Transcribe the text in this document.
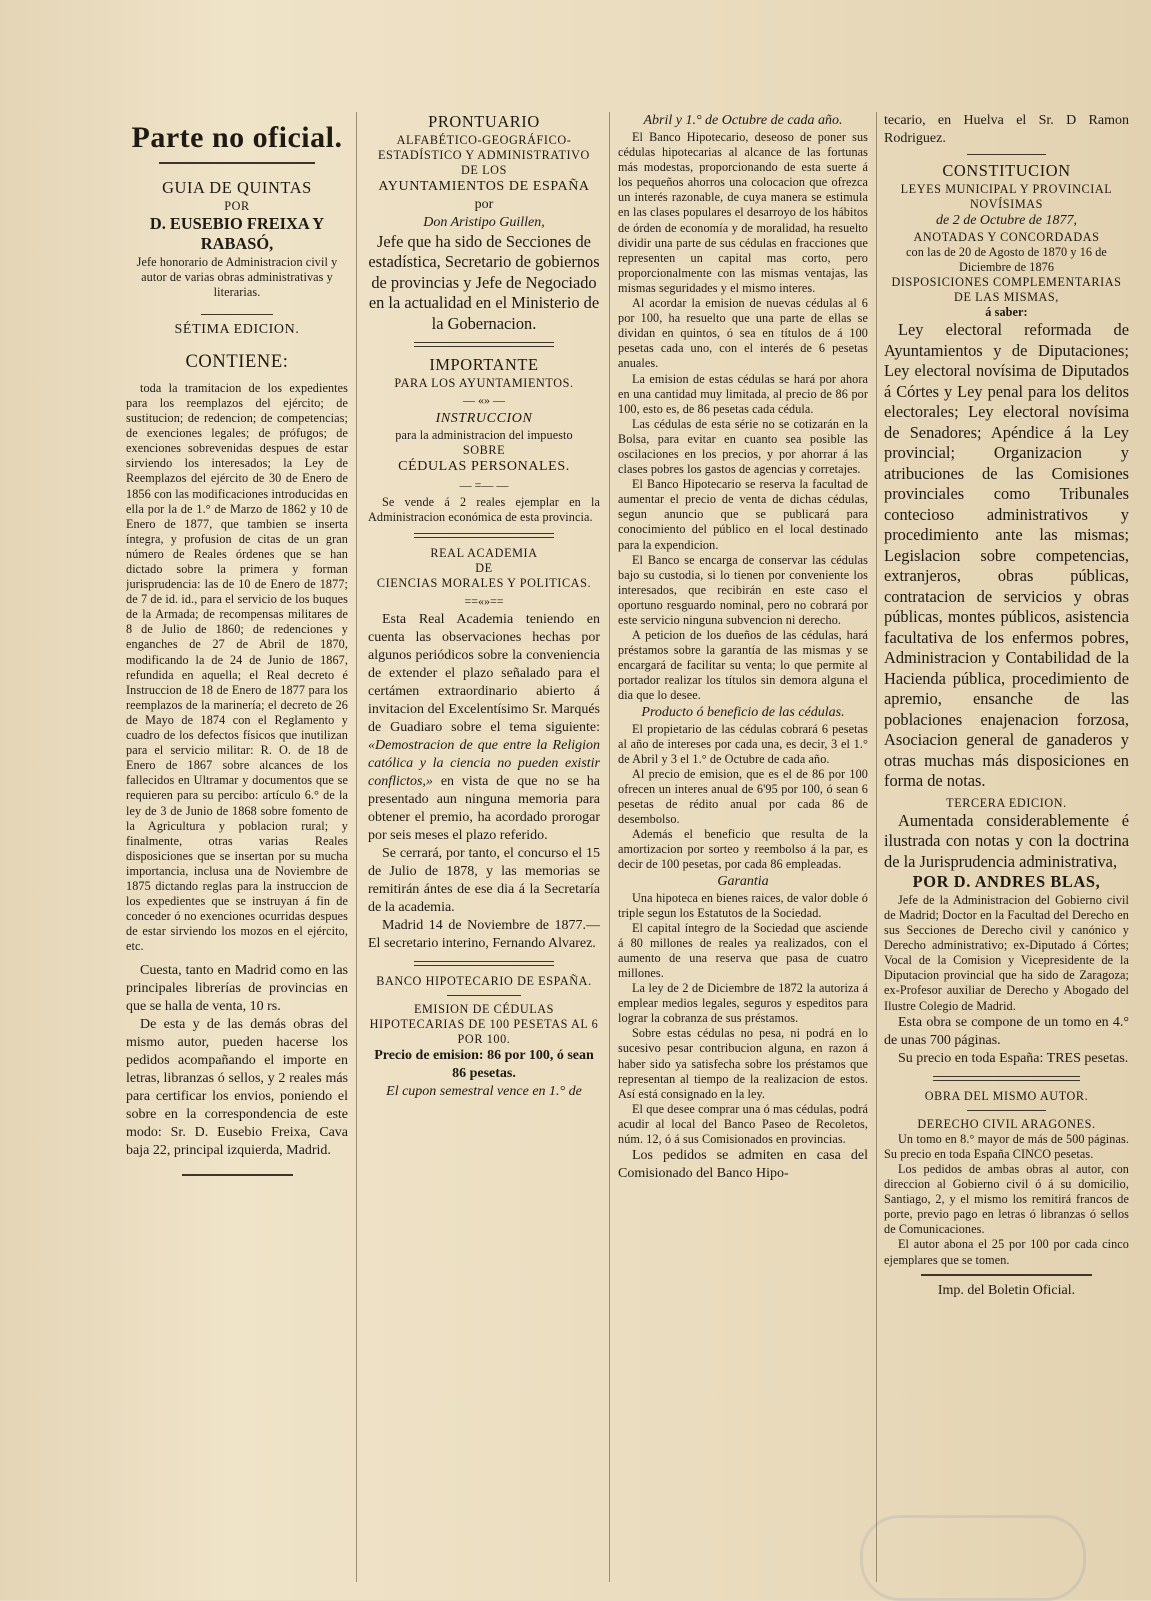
Parte no oficial.

GUIA DE QUINTAS

POR

D. EUSEBIO FREIXA Y RABASÓ,

Jefe honorario de Administracion civil y autor de varias obras administrativas y literarias.

SÉTIMA EDICION.

CONTIENE:

toda la tramitacion de los expedientes para los reemplazos del ejército; de sustitucion; de redencion; de competencias; de exenciones legales; de prófugos; de exenciones sobrevenidas despues de estar sirviendo los interesados; la Ley de Reemplazos del ejército de 30 de Enero de 1856 con las modificaciones introducidas en ella por la de 1.° de Marzo de 1862 y 10 de Enero de 1877, que tambien se inserta íntegra, y profusion de citas de un gran número de Reales órdenes que se han dictado sobre la primera y forman jurisprudencia: las de 10 de Enero de 1877; de 7 de id. id., para el servicio de los buques de la Armada; de recompensas militares de 8 de Julio de 1860; de redenciones y enganches de 27 de Abril de 1870, modificando la de 24 de Junio de 1867, refundida en aquella; el Real decreto é Instruccion de 18 de Enero de 1877 para los reemplazos de la marinería; el decreto de 26 de Mayo de 1874 con el Reglamento y cuadro de los defectos físicos que inutilizan para el servicio militar: R. O. de 18 de Enero de 1867 sobre alcances de los fallecidos en Ultramar y documentos que se requieren para su percibo: artículo 6.° de la ley de 3 de Junio de 1868 sobre fomento de la Agricultura y poblacion rural; y finalmente, otras varias Reales disposiciones que se insertan por su mucha importancia, inclusa una de Noviembre de 1875 dictando reglas para la instruccion de los expedientes que se instruyan á fin de conceder ó no exenciones ocurridas despues de estar sirviendo los mozos en el ejército, etc.

Cuesta, tanto en Madrid como en las principales librerías de provincias en que se halla de venta, 10 rs.

De esta y de las demás obras del mismo autor, pueden hacerse los pedidos acompañando el importe en letras, libranzas ó sellos, y 2 reales más para certificar los envios, poniendo el sobre en la correspondencia de este modo: Sr. D. Eusebio Freixa, Cava baja 22, principal izquierda, Madrid.

PRONTUARIO

ALFABÉTICO-GEOGRÁFICO-ESTADÍSTICO Y ADMINISTRATIVO

DE LOS

AYUNTAMIENTOS DE ESPAÑA

por

Don Aristipo Guillen,

Jefe que ha sido de Secciones de estadística, Secretario de gobiernos de provincias y Jefe de Negociado en la actualidad en el Ministerio de la Gobernacion.

IMPORTANTE

PARA LOS AYUNTAMIENTOS.

— «» —

INSTRUCCION

para la administracion del impuesto

SOBRE

CÉDULAS PERSONALES.

— =— —

Se vende á 2 reales ejemplar en la Administracion económica de esta provincia.

REAL ACADEMIA

DE

CIENCIAS MORALES Y POLITICAS.

==«»==

Esta Real Academia teniendo en cuenta las observaciones hechas por algunos periódicos sobre la conveniencia de extender el plazo señalado para el certámen extraordinario abierto á invitacion del Excelentísimo Sr. Marqués de Guadiaro sobre el tema siguiente: «Demostracion de que entre la Religion católica y la ciencia no pueden existir conflictos,» en vista de que no se ha presentado aun ninguna memoria para obtener el premio, ha acordado prorogar por seis meses el plazo referido.

Se cerrará, por tanto, el concurso el 15 de Julio de 1878, y las memorias se remitirán ántes de ese dia á la Secretaría de la academia.

Madrid 14 de Noviembre de 1877.—El secretario interino, Fernando Alvarez.

BANCO HIPOTECARIO DE ESPAÑA.

EMISION DE CÉDULAS HIPOTECARIAS DE 100 PESETAS AL 6 POR 100.

Precio de emision: 86 por 100, ó sean 86 pesetas.

El cupon semestral vence en 1.° de

Abril y 1.° de Octubre de cada año.

El Banco Hipotecario, deseoso de poner sus cédulas hipotecarias al alcance de las fortunas más modestas, proporcionando de esta suerte á los pequeños ahorros una colocacion que ofrezca un interés razonable, de cuya manera se estimula en las clases populares el desarroyo de los hábitos de órden de economía y de moralidad, ha resuelto dividir una parte de sus cédulas en fracciones que representen un capital mas corto, pero proporcionalmente con las mismas ventajas, las mismas seguridades y el mismo interes.

Al acordar la emision de nuevas cédulas al 6 por 100, ha resuelto que una parte de ellas se dividan en quintos, ó sea en títulos de á 100 pesetas cada uno, con el interés de 6 pesetas anuales.

La emision de estas cédulas se hará por ahora en una cantidad muy limitada, al precio de 86 por 100, esto es, de 86 pesetas cada cédula.

Las cédulas de esta série no se cotizarán en la Bolsa, para evitar en cuanto sea posible las oscilaciones en los precios, y por ahorrar á las clases pobres los gastos de agencias y corretajes.

El Banco Hipotecario se reserva la facultad de aumentar el precio de venta de dichas cédulas, segun anuncio que se publicará para conocimiento del público en el local destinado para la expendicion.

El Banco se encarga de conservar las cédulas bajo su custodia, si lo tienen por conveniente los interesados, que recibirán en este caso el oportuno resguardo nominal, pero no cobrará por este servicio ninguna subvencion ni derecho.

A peticion de los dueños de las cédulas, hará préstamos sobre la garantía de las mismas y se encargará de facilitar su venta; lo que permite al portador realizar los títulos sin demora alguna el dia que lo desee.

Producto ó beneficio de las cédulas.

El propietario de las cédulas cobrará 6 pesetas al año de intereses por cada una, es decir, 3 el 1.° de Abril y 3 el 1.° de Octubre de cada año.

Al precio de emision, que es el de 86 por 100 ofrecen un interes anual de 6'95 por 100, ó sean 6 pesetas de rédito anual por cada 86 de desembolso.

Además el beneficio que resulta de la amortizacion por sorteo y reembolso á la par, es decir de 100 pesetas, por cada 86 empleadas.

Garantia

Una hipoteca en bienes raices, de valor doble ó triple segun los Estatutos de la Sociedad.

El capital íntegro de la Sociedad que asciende á 80 millones de reales ya realizados, con el aumento de una reserva que pasa de cuatro millones.

La ley de 2 de Diciembre de 1872 la autoriza á emplear medios legales, seguros y espeditos para lograr la cobranza de sus préstamos.

Sobre estas cédulas no pesa, ni podrá en lo sucesivo pesar contribucion alguna, en razon á haber sido ya satisfecha sobre los préstamos que representan al tiempo de la realizacion de estos. Así está consignado en la ley.

El que desee comprar una ó mas cédulas, podrá acudir al local del Banco Paseo de Recoletos, núm. 12, ó á sus Comisionados en provincias.

Los pedidos se admiten en casa del Comisionado del Banco Hipo-

tecario, en Huelva el Sr. D Ramon Rodriguez.

CONSTITUCION

LEYES MUNICIPAL Y PROVINCIAL

NOVÍSIMAS

de 2 de Octubre de 1877,

ANOTADAS Y CONCORDADAS

con las de 20 de Agosto de 1870 y 16 de Diciembre de 1876

DISPOSICIONES COMPLEMENTARIAS

DE LAS MISMAS,

á saber:

Ley electoral reformada de Ayuntamientos y de Diputaciones; Ley electoral novísima de Diputados á Córtes y Ley penal para los delitos electorales; Ley electoral novísima de Senadores; Apéndice á la Ley provincial; Organizacion y atribuciones de las Comisiones provinciales como Tribunales contecioso administrativos y procedimiento ante las mismas; Legislacion sobre competencias, extranjeros, obras públicas, contratacion de servicios y obras públicas, montes públicos, asistencia facultativa de los enfermos pobres, Administracion y Contabilidad de la Hacienda pública, procedimiento de apremio, ensanche de las poblaciones enajenacion forzosa, Asociacion general de ganaderos y otras muchas más disposiciones en forma de notas.

TERCERA EDICION.

Aumentada considerablemente é ilustrada con notas y con la doctrina de la Jurisprudencia administrativa,

POR D. ANDRES BLAS,

Jefe de la Administracion del Gobierno civil de Madrid; Doctor en la Facultad del Derecho en sus Secciones de Derecho civil y canónico y Derecho administrativo; ex-Diputado á Córtes; Vocal de la Comision y Vicepresidente de la Diputacion provincial que ha sido de Zaragoza; ex-Profesor auxiliar de Derecho y Abogado del Ilustre Colegio de Madrid.

Esta obra se compone de un tomo en 4.° de unas 700 páginas.

Su precio en toda España: TRES pesetas.

OBRA DEL MISMO AUTOR.

DERECHO CIVIL ARAGONES.

Un tomo en 8.° mayor de más de 500 páginas. Su precio en toda España CINCO pesetas.

Los pedidos de ambas obras al autor, con direccion al Gobierno civil ó á su domicilio, Santiago, 2, y el mismo los remitirá francos de porte, previo pago en letras ó libranzas ó sellos de Comunicaciones.

El autor abona el 25 por 100 por cada cinco ejemplares que se tomen.

Imp. del Boletin Oficial.
